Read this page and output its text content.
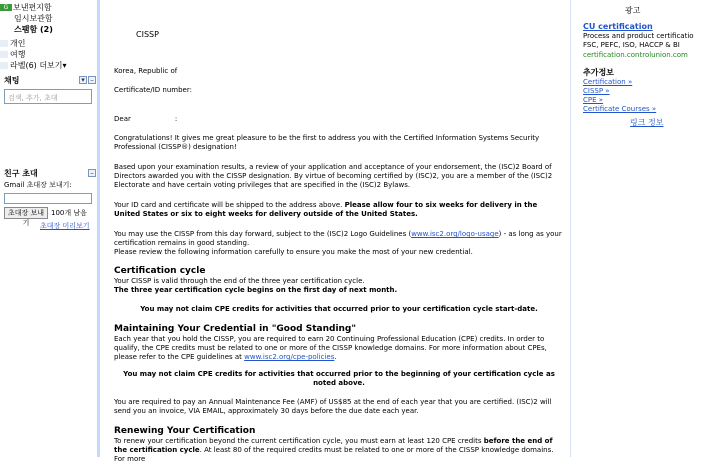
G 보낸편지함
임시보관함
스팸함 (2)
개인
여행
라벨(6) 더보기▾
채팅	▾ –
검색, 추가, 초대
친구 초대	–
Gmail 초대장 보내기:
초대장 보내기
100개 남음
초대장 미리보기
CISSP
Korea, Republic of
Certificate/ID number:
Dear	:

Congratulations! It gives me great pleasure to be the first to address you with the Certified Information Systems Security Professional (CISSP®) designation!

Based upon your examination results, a review of your application and acceptance of your endorsement, the (ISC)2 Board of Directors awarded you with the CISSP designation. By virtue of becoming certified by (ISC)2, you are a member of the (ISC)2 Electorate and have certain voting privileges that are specified in the (ISC)2 Bylaws.

Your ID card and certificate will be shipped to the address above. Please allow four to six weeks for delivery in the United States or six to eight weeks for delivery outside of the United States.

You may use the CISSP from this day forward, subject to the (ISC)2 Logo Guidelines (www.isc2.org/logo-usage) - as long as your certification remains in good standing.

Please review the following information carefully to ensure you make the most of your new credential.

Certification cycle

Your CISSP is valid through the end of the three year certification cycle.

The three year certification cycle begins on the first day of next month.

You may not claim CPE credits for activities that occurred prior to your certification cycle start-date.

Maintaining Your Credential in "Good Standing"

Each year that you hold the CISSP, you are required to earn 20 Continuing Professional Education (CPE) credits. In order to qualify, the CPE credits must be related to one or more of the CISSP knowledge domains. For more information about CPEs, please refer to the CPE guidelines at www.isc2.org/cpe-policies.

You may not claim CPE credits for activities that occurred prior to the beginning of your certification cycle as noted above.

You are required to pay an Annual Maintenance Fee (AMF) of US$85 at the end of each year that you are certified. (ISC)2 will send you an invoice, VIA EMAIL, approximately 30 days before the due date each year.

Renewing Your Certification

To renew your certification beyond the current certification cycle, you must earn at least 120 CPE credits before the end of the certification cycle. At least 80 of the required credits must be related to one or more of the CISSP knowledge domains. For more

광고
CU certification
Process and product certificatio
FSC, PEFC, ISO, HACCP & BI
certification.controlunion.com
추가정보
Certification »
CISSP »
CPE »
Certificate Courses »
링크 정보
